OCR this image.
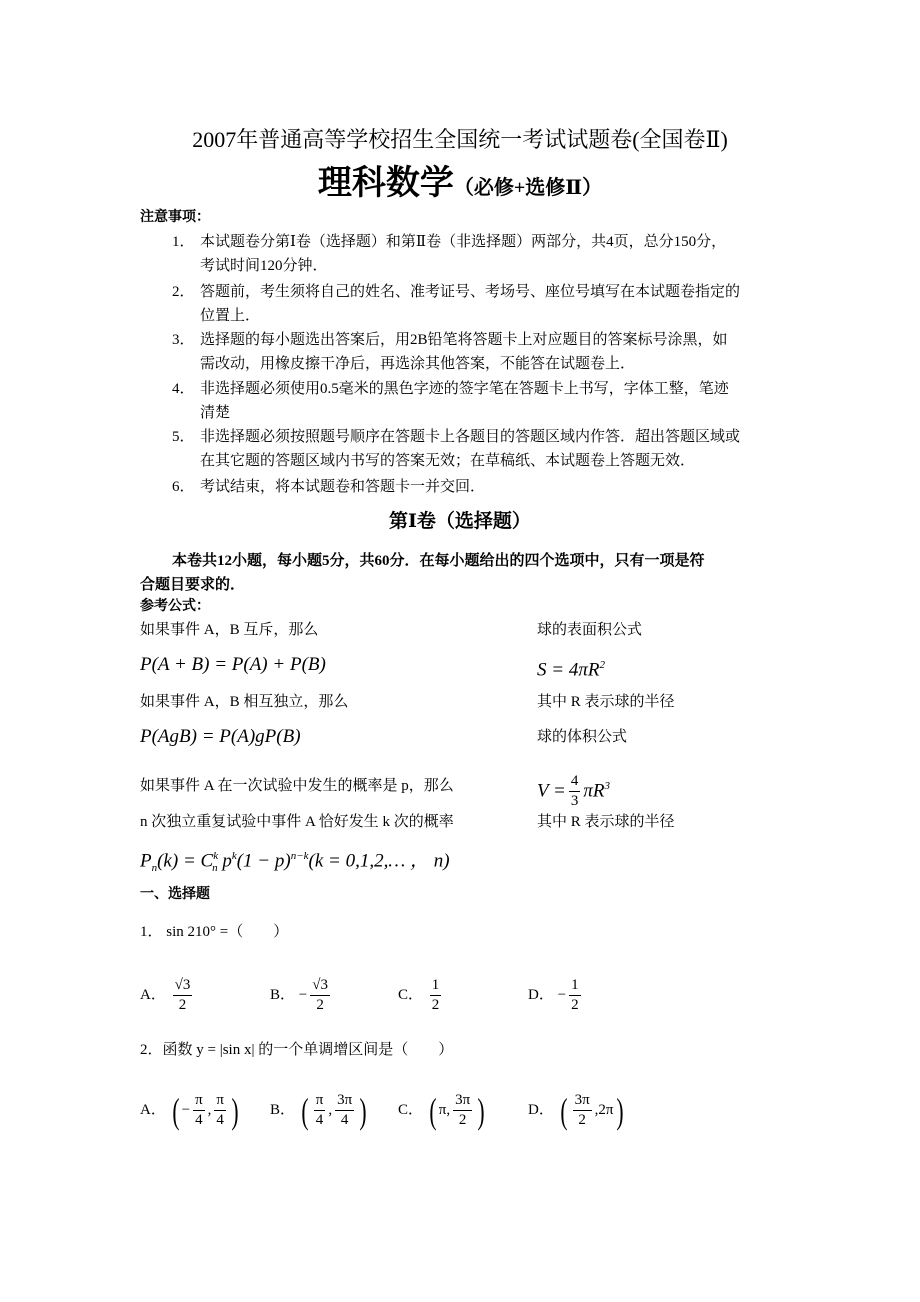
2007年普通高等学校招生全国统一考试试题卷(全国卷Ⅱ)
理科数学（必修+选修Ⅱ）
注意事项：
1． 本试题卷分第Ⅰ卷（选择题）和第Ⅱ卷（非选择题）两部分，共4页，总分150分，
考试时间120分钟．
2． 答题前，考生须将自己的姓名、准考证号、考场号、座位号填写在本试题卷指定的
位置上．
3． 选择题的每小题选出答案后，用2B铅笔将答题卡上对应题目的答案标号涂黑，如
需改动，用橡皮擦干净后，再选涂其他答案，不能答在试题卷上．
4． 非选择题必须使用0.5毫米的黑色字迹的签字笔在答题卡上书写，字体工整，笔迹
清楚
5． 非选择题必须按照题号顺序在答题卡上各题目的答题区域内作答．超出答题区域或
在其它题的答题区域内书写的答案无效；在草稿纸、本试题卷上答题无效．
6． 考试结束，将本试题卷和答题卡一并交回．
第Ⅰ卷（选择题）
本卷共12小题，每小题5分，共60分．在每小题给出的四个选项中，只有一项是符
合题目要求的．
参考公式：
如果事件 A，B 互斥，那么
P(A + B) = P(A) + P(B)
如果事件 A，B 相互独立，那么
P(AgB) = P(A)gP(B)
如果事件 A 在一次试验中发生的概率是 p，那么
n 次独立重复试验中事件 A 恰好发生 k 次的概率
$P_n(k) = C^k_n$ $p^k(1 - p)^{n-k}(k$ = 0,1,2,… ， n)
球的表面积公式
$S = 4\pi R^2$
其中 R 表示球的半径
球的体积公式
$V = \frac{4}{3} \pi R^3$
其中 R 表示球的半径
一、选择题
1． sin 210° =（　　）
A． $\frac{√3}{2}$	B． − $\frac{√3}{2}$	C． $\frac{1}{2}$	D． − $\frac{1}{2}$
2．函数 y = |sin x| 的一个单调增区间是（　　）
A． ( − $\frac{\pi}{4}$ , $\frac{\pi}{4}$ ) B． ( $\frac{\pi}{4}$ , $\frac{3\pi}{4}$ ) C． ( π, $\frac{3\pi}{2}$ )	D． ( $\frac{3\pi}{2} ,2\pi$)
